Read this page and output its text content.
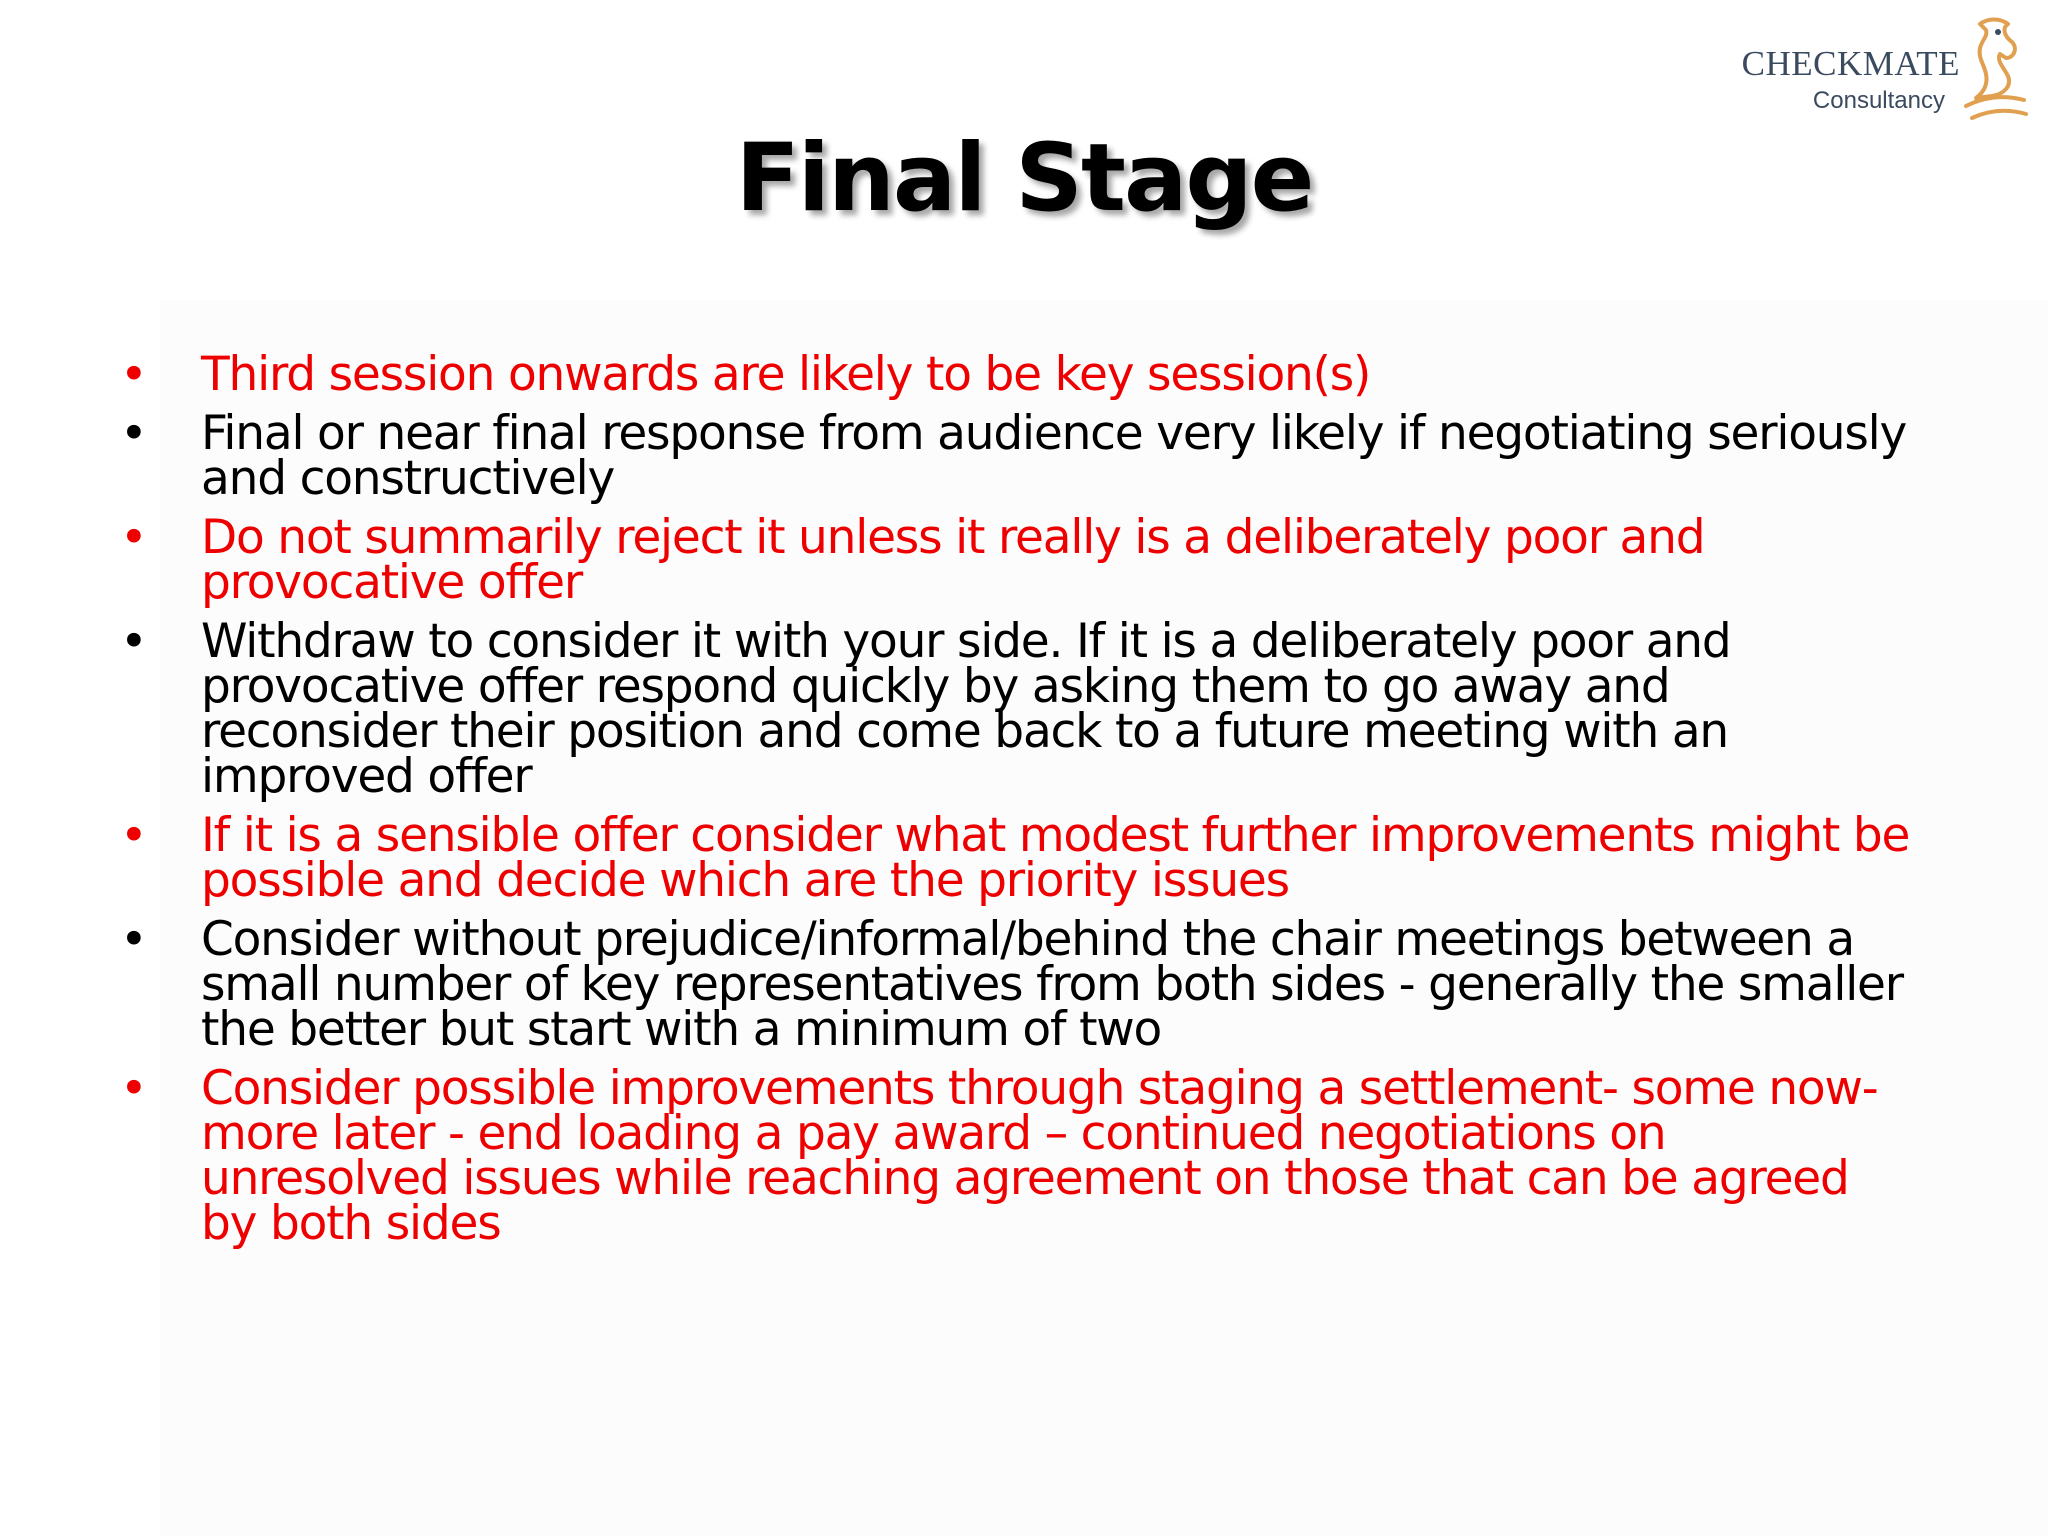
CHECKMATE
Consultancy
Final Stage
• Third session onwards are likely to be key session(s)
• Final or near final response from audience very likely if negotiating seriously and constructively
• Do not summarily reject it unless it really is a deliberately poor and provocative offer
• Withdraw to consider it with your side. If it is a deliberately poor and provocative offer respond quickly by asking them to go away and reconsider their position and come back to a future meeting with an improved offer
• If it is a sensible offer consider what modest further improvements might be possible and decide which are the priority issues
• Consider without prejudice/informal/behind the chair meetings between a small number of key representatives from both sides - generally the smaller the better but start with a minimum of two
• Consider possible improvements through staging a settlement- some now- more later - end loading a pay award – continued negotiations on unresolved issues while reaching agreement on those that can be agreed by both sides
